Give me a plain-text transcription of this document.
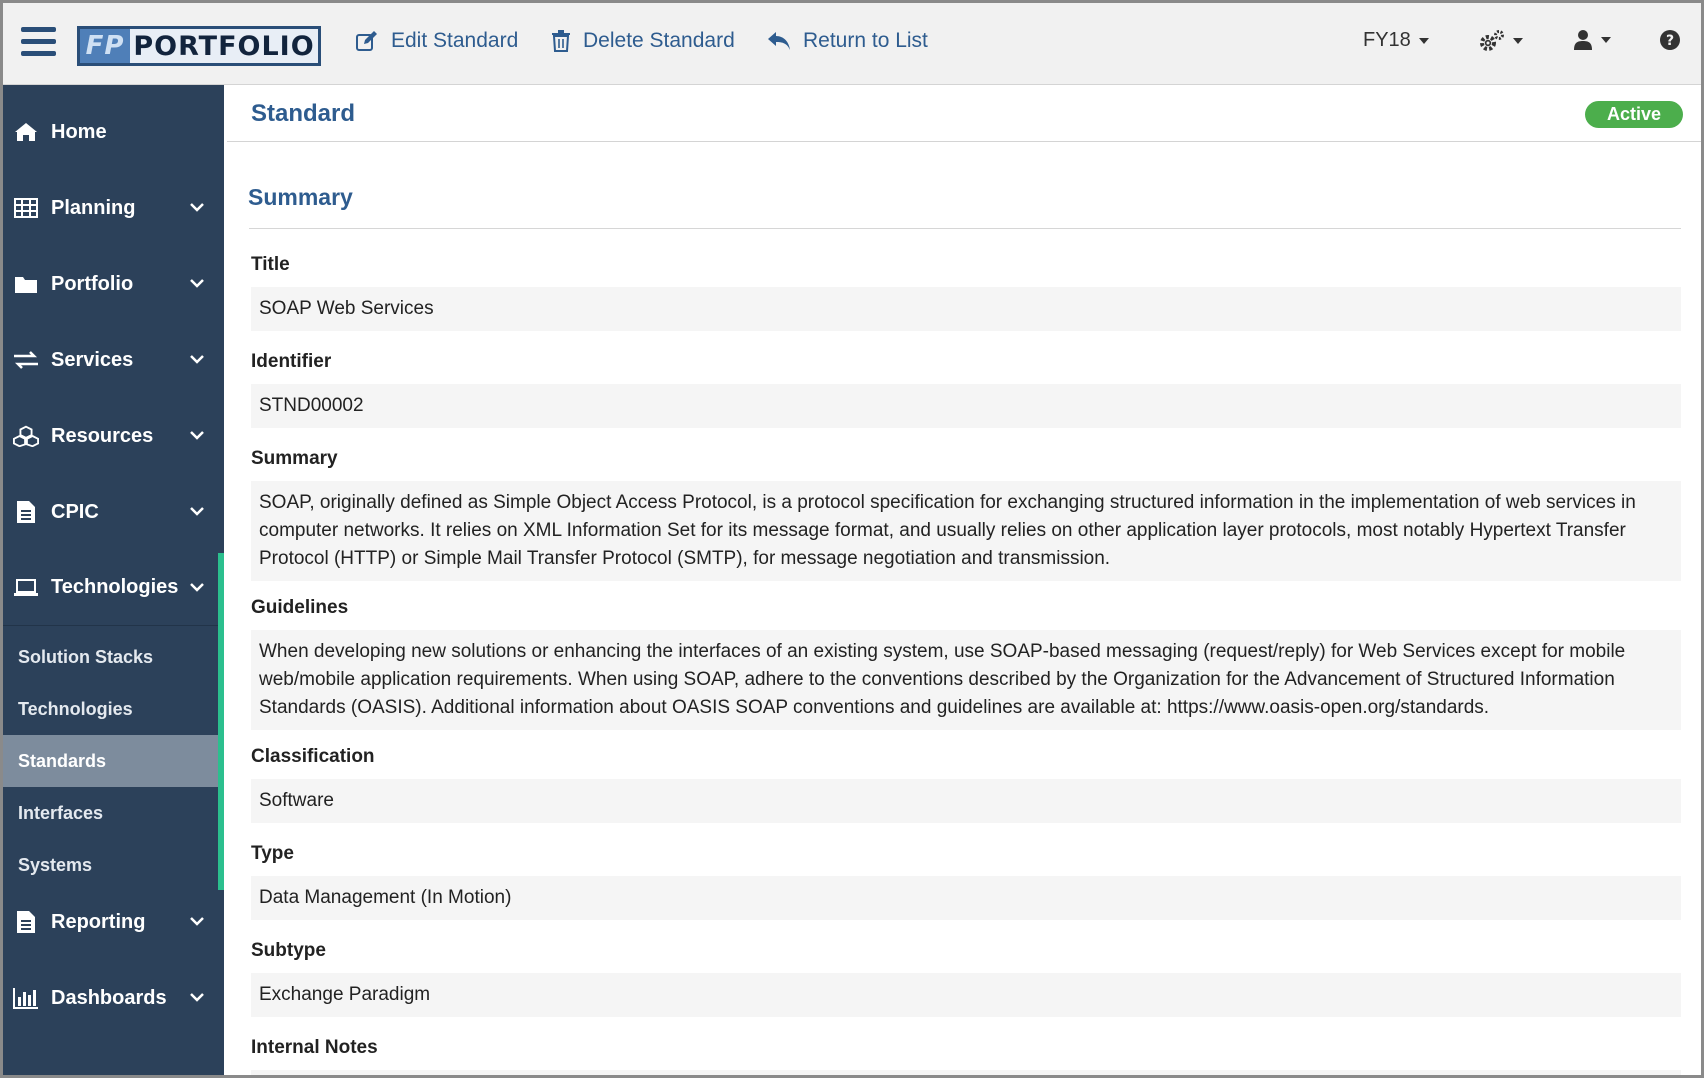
FP PORTFOLIO	Edit Standard	Delete Standard	Return to List	FY18	?
Home
Planning
Portfolio
Services
Resources
CPIC
Technologies
Solution Stacks
Technologies
Standards
Interfaces
Systems
Reporting
Dashboards
Standard	Active
Summary
Title
SOAP Web Services
Identifier
STND00002
Summary
SOAP, originally defined as Simple Object Access Protocol, is a protocol specification for exchanging structured information in the implementation of web services in computer networks. It relies on XML Information Set for its message format, and usually relies on other application layer protocols, most notably Hypertext Transfer Protocol (HTTP) or Simple Mail Transfer Protocol (SMTP), for message negotiation and transmission.
Guidelines
When developing new solutions or enhancing the interfaces of an existing system, use SOAP-based messaging (request/reply) for Web Services except for mobile web/mobile application requirements. When using SOAP, adhere to the conventions described by the Organization for the Advancement of Structured Information Standards (OASIS). Additional information about OASIS SOAP conventions and guidelines are available at: https://www.oasis-open.org/standards.
Classification
Software
Type
Data Management (In Motion)
Subtype
Exchange Paradigm
Internal Notes
